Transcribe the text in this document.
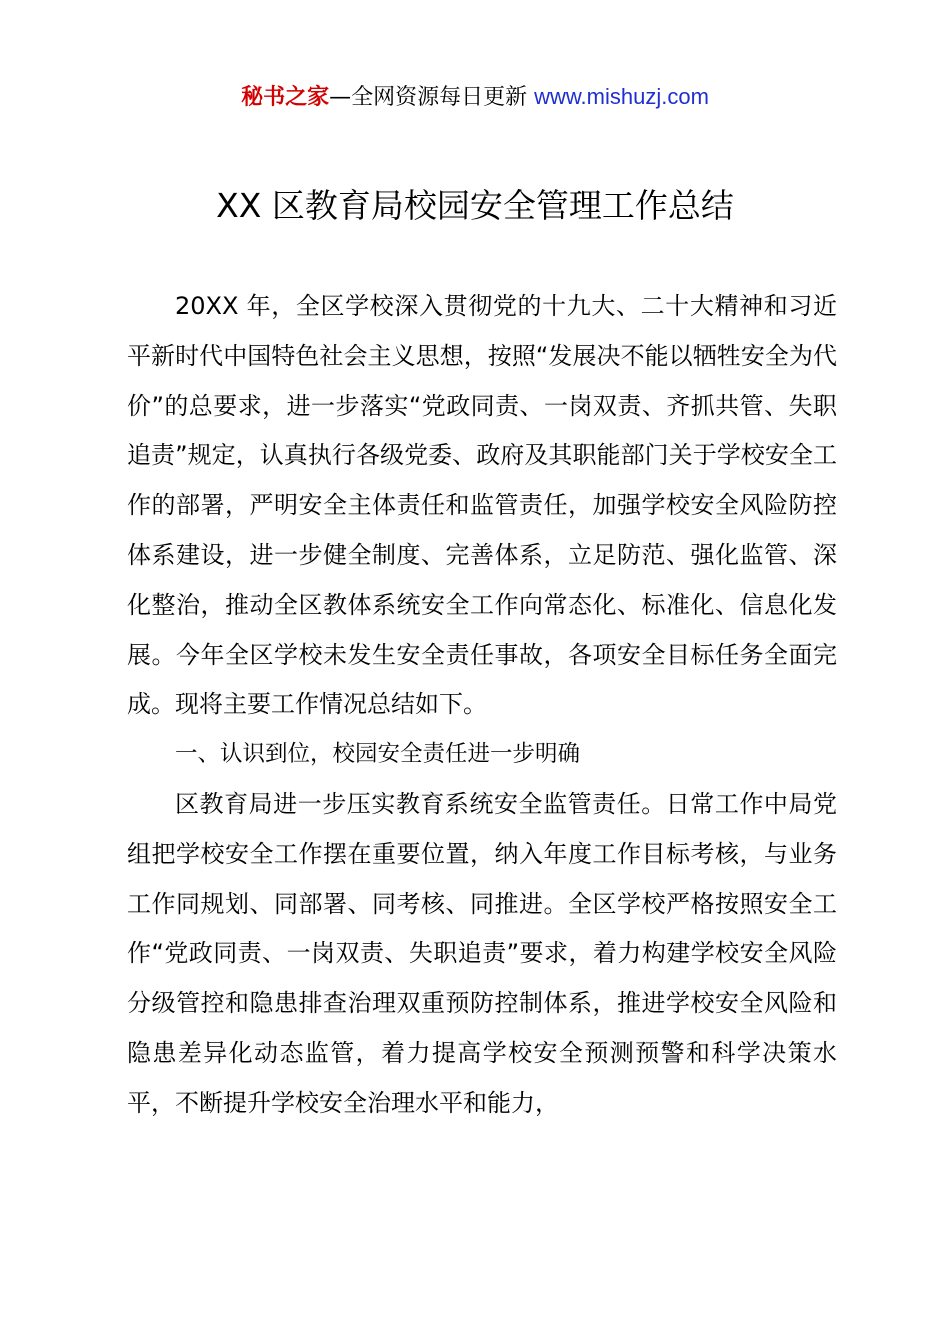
秘书之家—全网资源每日更新 www.mishuzj.com
XX 区教育局校园安全管理工作总结

20XX 年，全区学校深入贯彻党的十九大、二十大精神和习近平新时代中国特色社会主义思想，按照“发展决不能以牺牲安全为代价”的总要求，进一步落实“党政同责、一岗双责、齐抓共管、失职追责”规定，认真执行各级党委、政府及其职能部门关于学校安全工作的部署，严明安全主体责任和监管责任，加强学校安全风险防控体系建设，进一步健全制度、完善体系，立足防范、强化监管、深化整治，推动全区教体系统安全工作向常态化、标准化、信息化发展。今年全区学校未发生安全责任事故，各项安全目标任务全面完成。现将主要工作情况总结如下。

一、认识到位，校园安全责任进一步明确

区教育局进一步压实教育系统安全监管责任。日常工作中局党组把学校安全工作摆在重要位置，纳入年度工作目标考核，与业务工作同规划、同部署、同考核、同推进。全区学校严格按照安全工作“党政同责、一岗双责、失职追责”要求，着力构建学校安全风险分级管控和隐患排查治理双重预防控制体系，推进学校安全风险和隐患差异化动态监管，着力提高学校安全预测预警和科学决策水平，不断提升学校安全治理水平和能力，
